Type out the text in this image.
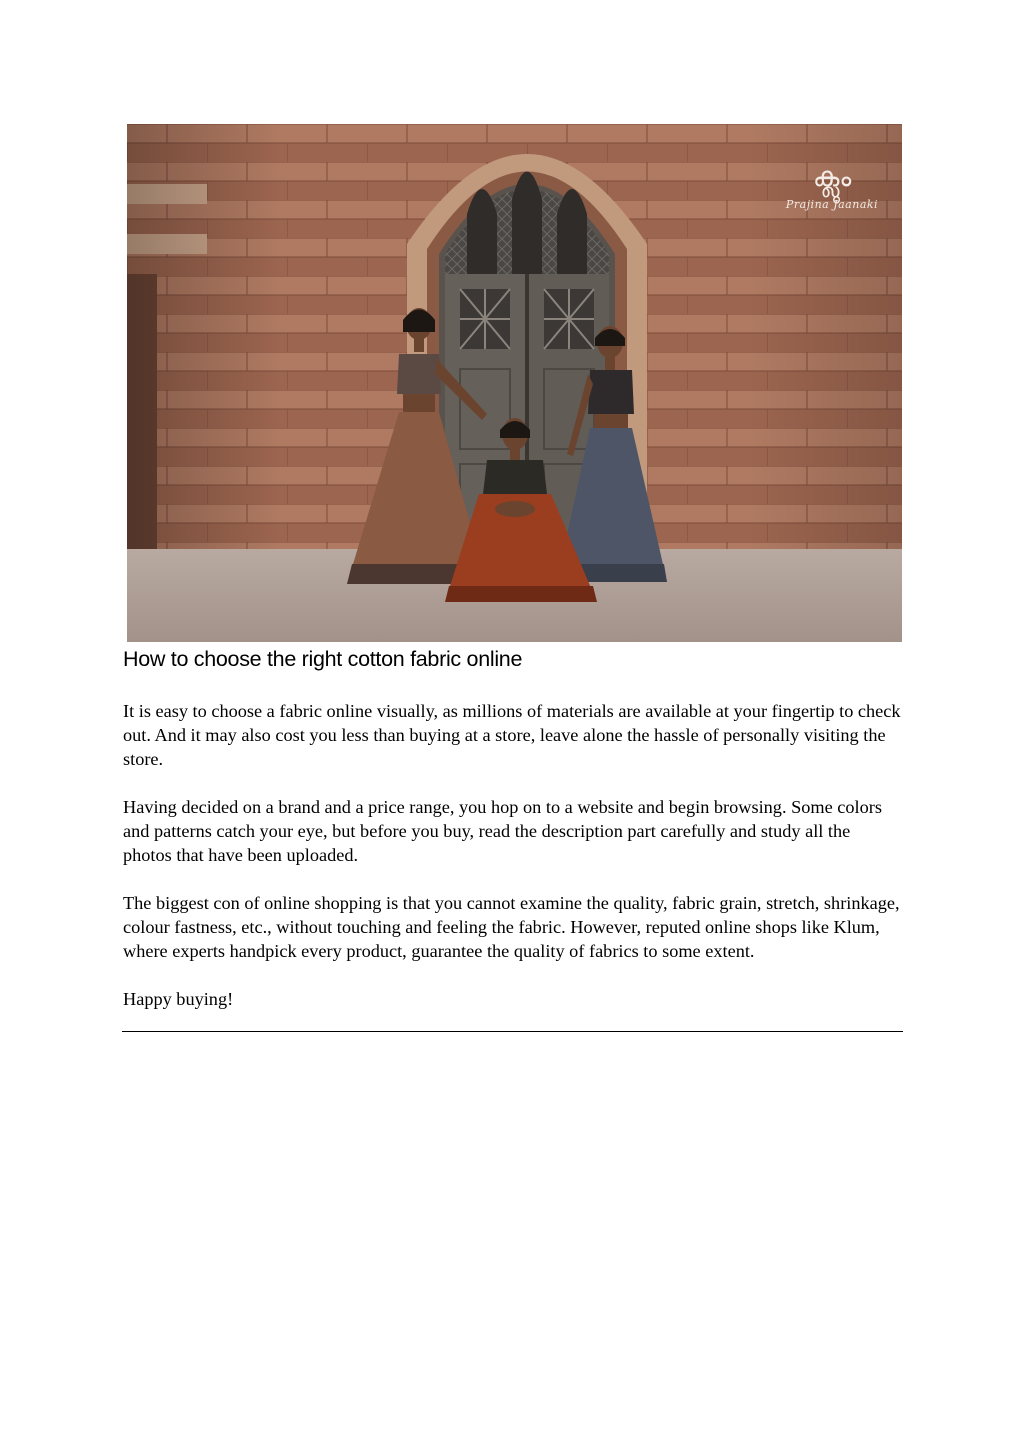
ക്ലും
Prajina Jaanaki
How to choose the right cotton fabric online

It is easy to choose a fabric online visually, as millions of materials are available at your fingertip to check out. And it may also cost you less than buying at a store, leave alone the hassle of personally visiting the store.

Having decided on a brand and a price range, you hop on to a website and begin browsing. Some colors and patterns catch your eye, but before you buy, read the description part carefully and study all the photos that have been uploaded.

The biggest con of online shopping is that you cannot examine the quality, fabric grain, stretch, shrinkage, colour fastness, etc., without touching and feeling the fabric. However, reputed online shops like Klum, where experts handpick every product, guarantee the quality of fabrics to some extent.

Happy buying!
